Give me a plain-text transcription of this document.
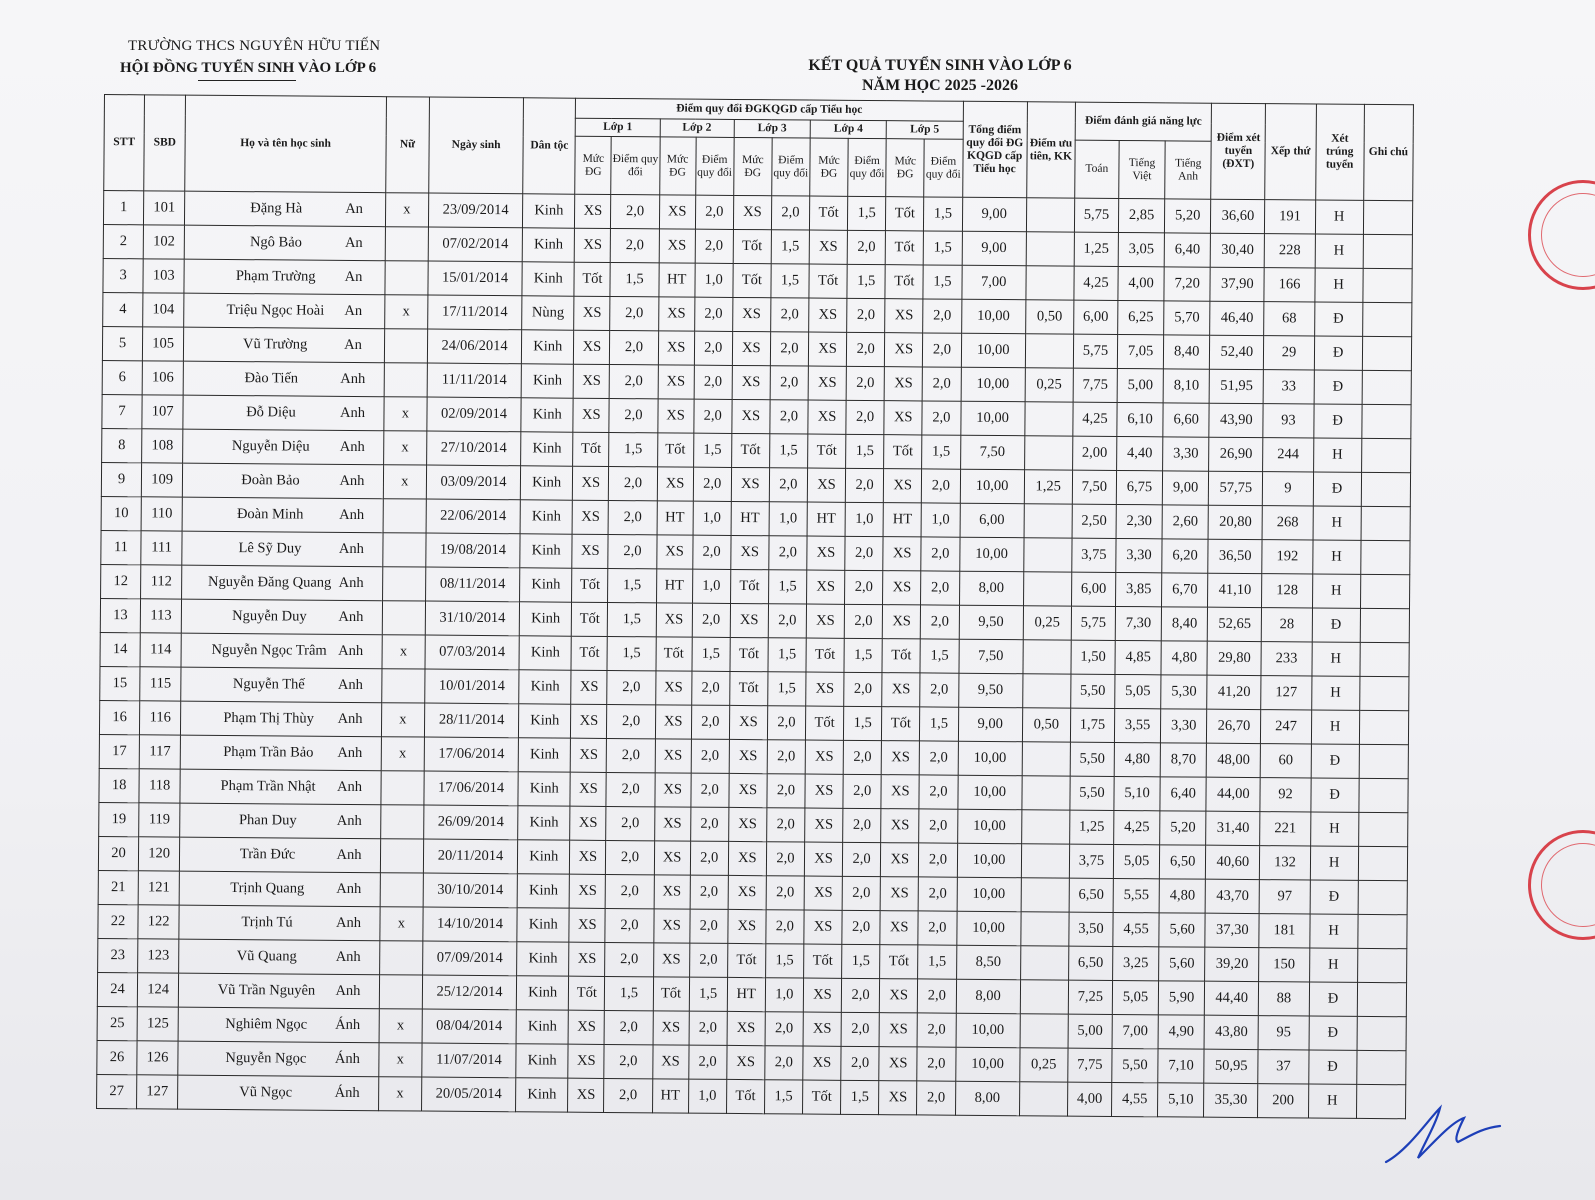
TRƯỜNG THCS NGUYÊN HỮU TIẾN
HỘI ĐỒNG TUYỂN SINH VÀO LỚP 6	KẾT QUẢ TUYỂN SINH VÀO LỚP 6
NĂM HỌC 2025 -2026
STT	SBD	Họ và tên học sinh	Nữ	Ngày sinh	Dân tộc	Điểm quy đổi ĐGKQGD cấp Tiểu học										Tổng điểm quy đổi ĐG KQGD cấp Tiểu học	Điểm ưu tiên, KK	Điểm đánh giá năng lực			Điểm xét tuyển (ĐXT)	Xếp thứ	Xét trúng tuyển	Ghi chú
						Lớp 1		Lớp 2		Lớp 3		Lớp 4		Lớp 5										
						Mức ĐG	Điểm quy đổi	Mức ĐG	Điểm quy đổi	Mức ĐG	Điểm quy đổi	Mức ĐG	Điểm quy đổi	Mức ĐG	Điểm quy đổi			Toán	Tiếng Việt	Tiếng Anh				
1	101	Đặng Hà An	x	23/09/2014	Kinh	XS	2,0	XS	2,0	XS	2,0	Tốt	1,5	Tốt	1,5	9,00		5,75	2,85	5,20	36,60	191	H	
2	102	Ngô Bảo An		07/02/2014	Kinh	XS	2,0	XS	2,0	Tốt	1,5	XS	2,0	Tốt	1,5	9,00		1,25	3,05	6,40	30,40	228	H	
3	103	Phạm Trường An		15/01/2014	Kinh	Tốt	1,5	HT	1,0	Tốt	1,5	Tốt	1,5	Tốt	1,5	7,00		4,25	4,00	7,20	37,90	166	H	
4	104	Triệu Ngọc Hoài An	x	17/11/2014	Nùng	XS	2,0	XS	2,0	XS	2,0	XS	2,0	XS	2,0	10,00	0,50	6,00	6,25	5,70	46,40	68	Đ	
5	105	Vũ Trường An		24/06/2014	Kinh	XS	2,0	XS	2,0	XS	2,0	XS	2,0	XS	2,0	10,00		5,75	7,05	8,40	52,40	29	Đ	
6	106	Đào Tiến Anh		11/11/2014	Kinh	XS	2,0	XS	2,0	XS	2,0	XS	2,0	XS	2,0	10,00	0,25	7,75	5,00	8,10	51,95	33	Đ	
7	107	Đỗ Diệu Anh	x	02/09/2014	Kinh	XS	2,0	XS	2,0	XS	2,0	XS	2,0	XS	2,0	10,00		4,25	6,10	6,60	43,90	93	Đ	
8	108	Nguyễn Diệu Anh	x	27/10/2014	Kinh	Tốt	1,5	Tốt	1,5	Tốt	1,5	Tốt	1,5	Tốt	1,5	7,50		2,00	4,40	3,30	26,90	244	H	
9	109	Đoàn Bảo Anh	x	03/09/2014	Kinh	XS	2,0	XS	2,0	XS	2,0	XS	2,0	XS	2,0	10,00	1,25	7,50	6,75	9,00	57,75	9	Đ	
10	110	Đoàn Minh Anh		22/06/2014	Kinh	XS	2,0	HT	1,0	HT	1,0	HT	1,0	HT	1,0	6,00		2,50	2,30	2,60	20,80	268	H	
11	111	Lê Sỹ Duy Anh		19/08/2014	Kinh	XS	2,0	XS	2,0	XS	2,0	XS	2,0	XS	2,0	10,00		3,75	3,30	6,20	36,50	192	H	
12	112	Nguyễn Đăng Quang Anh		08/11/2014	Kinh	Tốt	1,5	HT	1,0	Tốt	1,5	XS	2,0	XS	2,0	8,00		6,00	3,85	6,70	41,10	128	H	
13	113	Nguyễn Duy Anh		31/10/2014	Kinh	Tốt	1,5	XS	2,0	XS	2,0	XS	2,0	XS	2,0	9,50	0,25	5,75	7,30	8,40	52,65	28	Đ	
14	114	Nguyễn Ngọc Trâm Anh	x	07/03/2014	Kinh	Tốt	1,5	Tốt	1,5	Tốt	1,5	Tốt	1,5	Tốt	1,5	7,50		1,50	4,85	4,80	29,80	233	H	
15	115	Nguyễn Thế Anh		10/01/2014	Kinh	XS	2,0	XS	2,0	Tốt	1,5	XS	2,0	XS	2,0	9,50		5,50	5,05	5,30	41,20	127	H	
16	116	Phạm Thị Thùy Anh	x	28/11/2014	Kinh	XS	2,0	XS	2,0	XS	2,0	Tốt	1,5	Tốt	1,5	9,00	0,50	1,75	3,55	3,30	26,70	247	H	
17	117	Phạm Trần Bảo Anh	x	17/06/2014	Kinh	XS	2,0	XS	2,0	XS	2,0	XS	2,0	XS	2,0	10,00		5,50	4,80	8,70	48,00	60	Đ	
18	118	Phạm Trần Nhật Anh		17/06/2014	Kinh	XS	2,0	XS	2,0	XS	2,0	XS	2,0	XS	2,0	10,00		5,50	5,10	6,40	44,00	92	Đ	
19	119	Phan Duy Anh		26/09/2014	Kinh	XS	2,0	XS	2,0	XS	2,0	XS	2,0	XS	2,0	10,00		1,25	4,25	5,20	31,40	221	H	
20	120	Trần Đức Anh		20/11/2014	Kinh	XS	2,0	XS	2,0	XS	2,0	XS	2,0	XS	2,0	10,00		3,75	5,05	6,50	40,60	132	H	
21	121	Trịnh Quang Anh		30/10/2014	Kinh	XS	2,0	XS	2,0	XS	2,0	XS	2,0	XS	2,0	10,00		6,50	5,55	4,80	43,70	97	Đ	
22	122	Trịnh Tú Anh	x	14/10/2014	Kinh	XS	2,0	XS	2,0	XS	2,0	XS	2,0	XS	2,0	10,00		3,50	4,55	5,60	37,30	181	H	
23	123	Vũ Quang Anh		07/09/2014	Kinh	XS	2,0	XS	2,0	Tốt	1,5	Tốt	1,5	Tốt	1,5	8,50		6,50	3,25	5,60	39,20	150	H	
24	124	Vũ Trần Nguyên Anh		25/12/2014	Kinh	Tốt	1,5	Tốt	1,5	HT	1,0	XS	2,0	XS	2,0	8,00		7,25	5,05	5,90	44,40	88	Đ	
25	125	Nghiêm Ngọc Ánh	x	08/04/2014	Kinh	XS	2,0	XS	2,0	XS	2,0	XS	2,0	XS	2,0	10,00		5,00	7,00	4,90	43,80	95	Đ	
26	126	Nguyễn Ngọc Ánh	x	11/07/2014	Kinh	XS	2,0	XS	2,0	XS	2,0	XS	2,0	XS	2,0	10,00	0,25	7,75	5,50	7,10	50,95	37	Đ	
27	127	Vũ Ngọc Ánh	x	20/05/2014	Kinh	XS	2,0	HT	1,0	Tốt	1,5	Tốt	1,5	XS	2,0	8,00		4,00	4,55	5,10	35,30	200	H	
